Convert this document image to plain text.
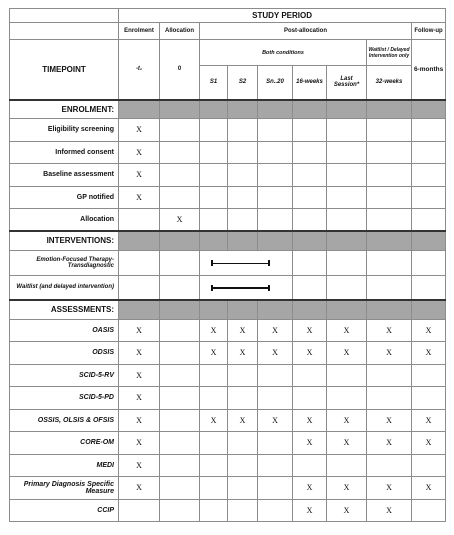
	STUDY PERIOD								
	Enrolment	Allocation	Post-allocation						Follow-up
TIMEPOINT	-t₁	0	Both conditions					Waitlist / Delayed Intervention only	6-months
			S1	S2	Sn..20	16-weeks	Last Session*	32-weeks	
ENROLMENT:									
Eligibility screening	X								
Informed consent	X								
Baseline assessment	X								
GP notified	X								
Allocation		X							
INTERVENTIONS:									
Emotion-Focused Therapy-Transdiagnostic					

Waitlist (and delayed intervention)					

ASSESSMENTS:									
OASIS	X		X	X	X	X	X	X	X
ODSIS	X		X	X	X	X	X	X	X
SCID-5-RV	X								
SCID-5-PD	X								
OSSIS, OLSIS & OFSIS	X		X	X	X	X	X	X	X
CORE-OM	X					X	X	X	X
MEDI	X								
Primary Diagnosis Specific Measure	X					X	X	X	X
CCIP						X	X	X	
